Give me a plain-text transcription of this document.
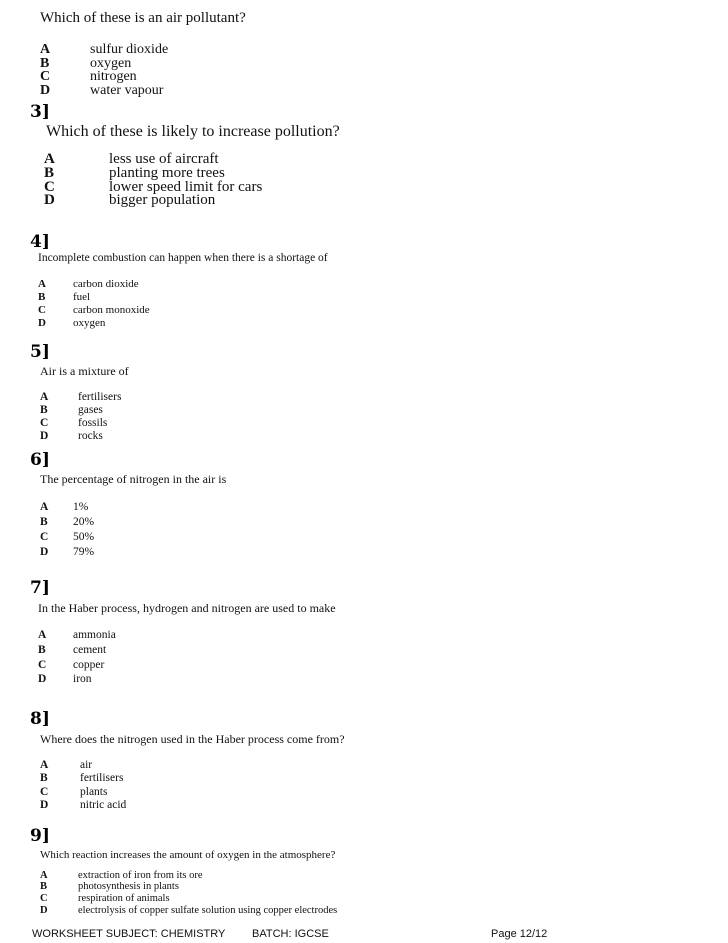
Which of these is an air pollutant?
A	sulfur dioxide
B	oxygen
C	nitrogen
D	water vapour
3]
Which of these is likely to increase pollution?
A	less use of aircraft
B	planting more trees
C	lower speed limit for cars
D	bigger population
4]
Incomplete combustion can happen when there is a shortage of
A carbon dioxide
B	fuel
C carbon monoxide
D oxygen
5]
Air is a mixture of
A	fertilisers
B	gases
C	fossils
D	rocks
6]
The percentage of nitrogen in the air is
A 1%
B 20%
C 50%
D 79%
7]
In the Haber process, hydrogen and nitrogen are used to make
A ammonia
B cement
C copper
D iron
8]
Where does the nitrogen used in the Haber process come from?
A	air
B	fertilisers
C	plants
D	nitric acid
9]
Which reaction increases the amount of oxygen in the atmosphere?
A	extraction of iron from its ore
B	photosynthesis in plants
C	respiration of animals
D	electrolysis of copper sulfate solution using copper electrodes
WORKSHEET SUBJECT: CHEMISTRY BATCH: IGCSE	Page 12/12
